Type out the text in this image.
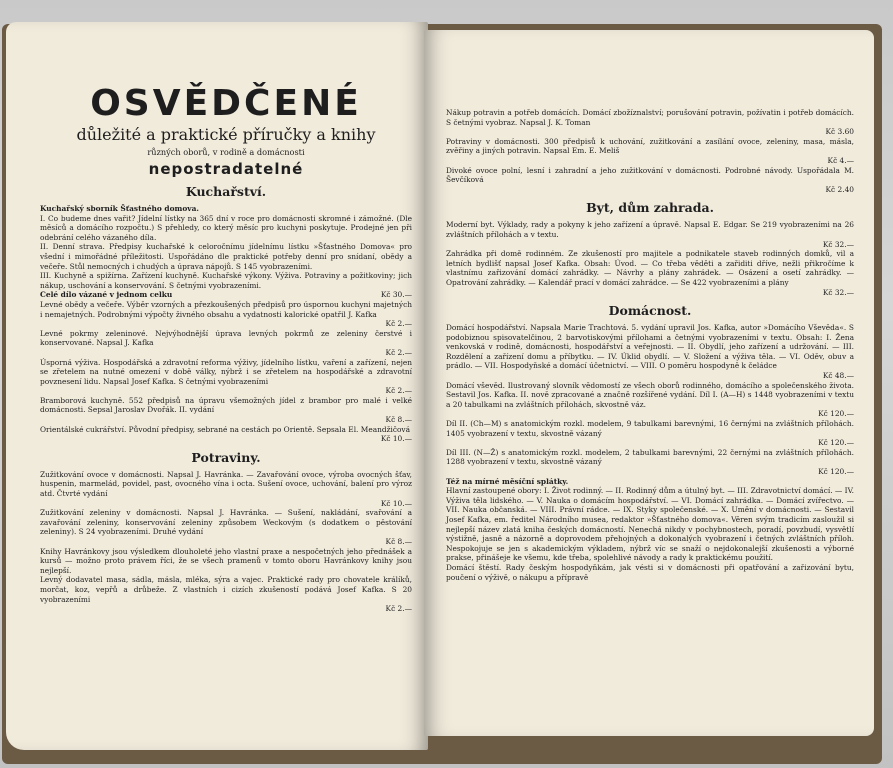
OSVĚDČENÉ

důležité a praktické příručky a knihy

různých oborů, v rodině a domácnosti

nepostradatelné

Kuchařství.

Kuchařský sborník Šťastného domova.

I. Co budeme dnes vařit? Jídelní lístky na 365 dní v roce pro domácnosti skromné i zámožné. (Dle měsíců a domácího rozpočtu.) S přehledy, co který měsíc pro kuchyni poskytuje. Prodejné jen při odebrání celého vázaného díla.

II. Denní strava. Předpisy kuchařské k celoročnímu jídelnímu lístku »Šťastného Domova« pro všední i mimořádné příležitosti. Uspořádáno dle praktické potřeby denní pro snídaní, obědy a večeře. Stůl nemocných i chudých a úprava nápojů. S 145 vyobrazeními.

III. Kuchyně a spižírna. Zařízení kuchyně. Kuchařské výkony. Výživa. Potraviny a požitkoviny; jich nákup, uschování a konservování. S četnými vyobrazeními.

Celé dílo vázané v jednom celku	Kč 30.—

Levné obědy a večeře. Výběr vzorných a přezkoušených předpisů pro úspornou kuchyni majetných i nemajetných. Podrobnými výpočty živného obsahu a vydatnosti kalorické opatřil J. Kafka

Kč 2.—

Levné pokrmy zeleninové. Nejvýhodnější úprava levných pokrmů ze zeleniny čerstvé i konservované. Napsal J. Kafka

Kč 2.—

Úsporná výživa. Hospodářská a zdravotní reforma výživy, jídelního lístku, vaření a zařízení, nejen se zřetelem na nutné omezení v době války, nýbrž i se zřetelem na hospodářské a zdravotní povznesení lidu. Napsal Josef Kafka. S četnými vyobrazeními

Kč 2.—

Bramborová kuchyně. 552 předpisů na úpravu všemožných jídel z brambor pro malé i velké domácnosti. Sepsal Jaroslav Dvořák. II. vydání

Kč 8.—

Orientálské cukrářství. Původní předpisy, sebrané na cestách po Orientě. Sepsala El. Meandžičová

Kč 10.—
Potraviny.

Zužitkování ovoce v domácnosti. Napsal J. Havránka. — Zavařování ovoce, výroba ovocných šťav, huspenin, marmelád, povidel, past, ovocného vína i octa. Sušení ovoce, uchování, balení pro výroz atd. Čtvrté vydání

Kč 10.—

Zužitkování zeleniny v domácnosti. Napsal J. Havránka. — Sušení, nakládání, svařování a zavařování zeleniny, konservování zeleniny způsobem Weckovým (s dodatkem o pěstování zeleniny). S 24 vyobrazeními. Druhé vydání

Kč 8.—

Knihy Havránkovy jsou výsledkem dlouholeté jeho vlastní praxe a nespočetných jeho přednášek a kursů — možno proto právem říci, že se všech pramenů v tomto oboru Havránkovy knihy jsou nejlepší.

Levný dodavatel masa, sádla, másla, mléka, sýra a vajec. Praktické rady pro chovatele králíků, morčat, koz, vepřů a drůbeže. Z vlastních i cizích zkušeností podává Josef Kafka. S 20 vyobrazeními

Kč 2.—

Nákup potravin a potřeb domácích. Domácí zbožíznalství; porušování potravin, požívatin i potřeb domácích. S četnými vyobraz. Napsal J. K. Toman

Kč 3.60

Potraviny v domácnosti. 300 předpisů k uchování, zužitkování a zasílání ovoce, zeleniny, masa, másla, zvěřiny a jiných potravin. Napsal Em. E. Meliš

Kč 4.—

Divoké ovoce polní, lesní i zahradní a jeho zužitkování v domácnosti. Podrobné návody. Uspořádala M. Ševčíková

Kč 2.40
Byt, dům zahrada.

Moderní byt. Výklady, rady a pokyny k jeho zařízení a úpravě. Napsal E. Edgar. Se 219 vyobrazeními na 26 zvláštních přílohách a v textu.

Kč 32.—

Zahrádka při domě rodinném. Ze zkušeností pro majitele a podnikatele staveb rodinných domků, vil a letních bydlišť napsal Josef Kafka. Obsah: Úvod. — Co třeba věděti a zařiditi dříve, nežli přikročíme k vlastnímu zařizování domácí zahrádky. — Návrhy a plány zahrádek. — Osázení a osetí zahrádky. — Opatrování zahrádky. — Kalendář prací v domácí zahrádce. — Se 422 vyobrazeními a plány

Kč 32.—
Domácnost.

Domácí hospodářství. Napsala Marie Trachtová. 5. vydání upravil Jos. Kafka, autor »Domácího Vševěda«. S podobiznou spisovatelčinou, 2 barvotiskovými přílohami a četnými vyobrazeními v textu. Obsah: I. Žena venkovská v rodině, domácnosti, hospodářství a veřejnosti. — II. Obydlí, jeho zařízení a udržování. — III. Rozdělení a zařízení domu a příbytku. — IV. Úklid obydlí. — V. Složení a výživa těla. — VI. Oděv, obuv a prádlo. — VII. Hospodyňské a domácí účetnictví. — VIII. O poměru hospodyně k čeládce

Kč 48.—

Domácí vševěd. Ilustrovaný slovník vědomostí ze všech oborů rodinného, domácího a společenského života. Sestavil Jos. Kafka. II. nově zpracované a značně rozšířené vydání. Díl I. (A—H) s 1448 vyobrazeními v textu a 20 tabulkami na zvláštních přílohách, skvostně váz.

Kč 120.—

Díl II. (Ch—M) s anatomickým rozkl. modelem, 9 tabulkami barevnými, 16 černými na zvláštních přílohách. 1405 vyobrazení v textu, skvostně vázaný

Kč 120.—

Díl III. (N—Ž) s anatomickým rozkl. modelem, 2 tabulkami barevnými, 22 černými na zvláštních přílohách. 1288 vyobrazení v textu, skvostně vázaný

Kč 120.—

Též na mírné měsíční splátky.

Hlavní zastoupené obory: I. Život rodinný. — II. Rodinný dům a útulný byt. — III. Zdravotnictví domácí. — IV. Výživa těla lidského. — V. Nauka o domácím hospodářství. — VI. Domácí zahrádka. — Domácí zvířectvo. — VII. Nauka občanská. — VIII. Právní rádce. — IX. Styky společenské. — X. Umění v domácnosti. — Sestavil Josef Kafka, em. ředitel Národního musea, redaktor »Šťastného domova«. Věren svým tradicím zasloužil si nejlepší název zlatá kniha českých domácností. Nenechá nikdy v pochybnostech, poradí, povzbudí, vysvětlí výstižně, jasně a názorně a doprovodem přehojných a dokonalých vyobrazení i četných zvláštních příloh. Nespokojuje se jen s akademickým výkladem, nýbrž víc se snaží o nejdokonalejší zkušenosti a výborné prakse, přinášeje ke všemu, kde třeba, spolehlivé návody a rady k praktickému použití.

Domácí štěstí. Rady českým hospodyňkám, jak vésti si v domácnosti při opatřování a zařizování bytu, poučení o výživě, o nákupu a přípravě
